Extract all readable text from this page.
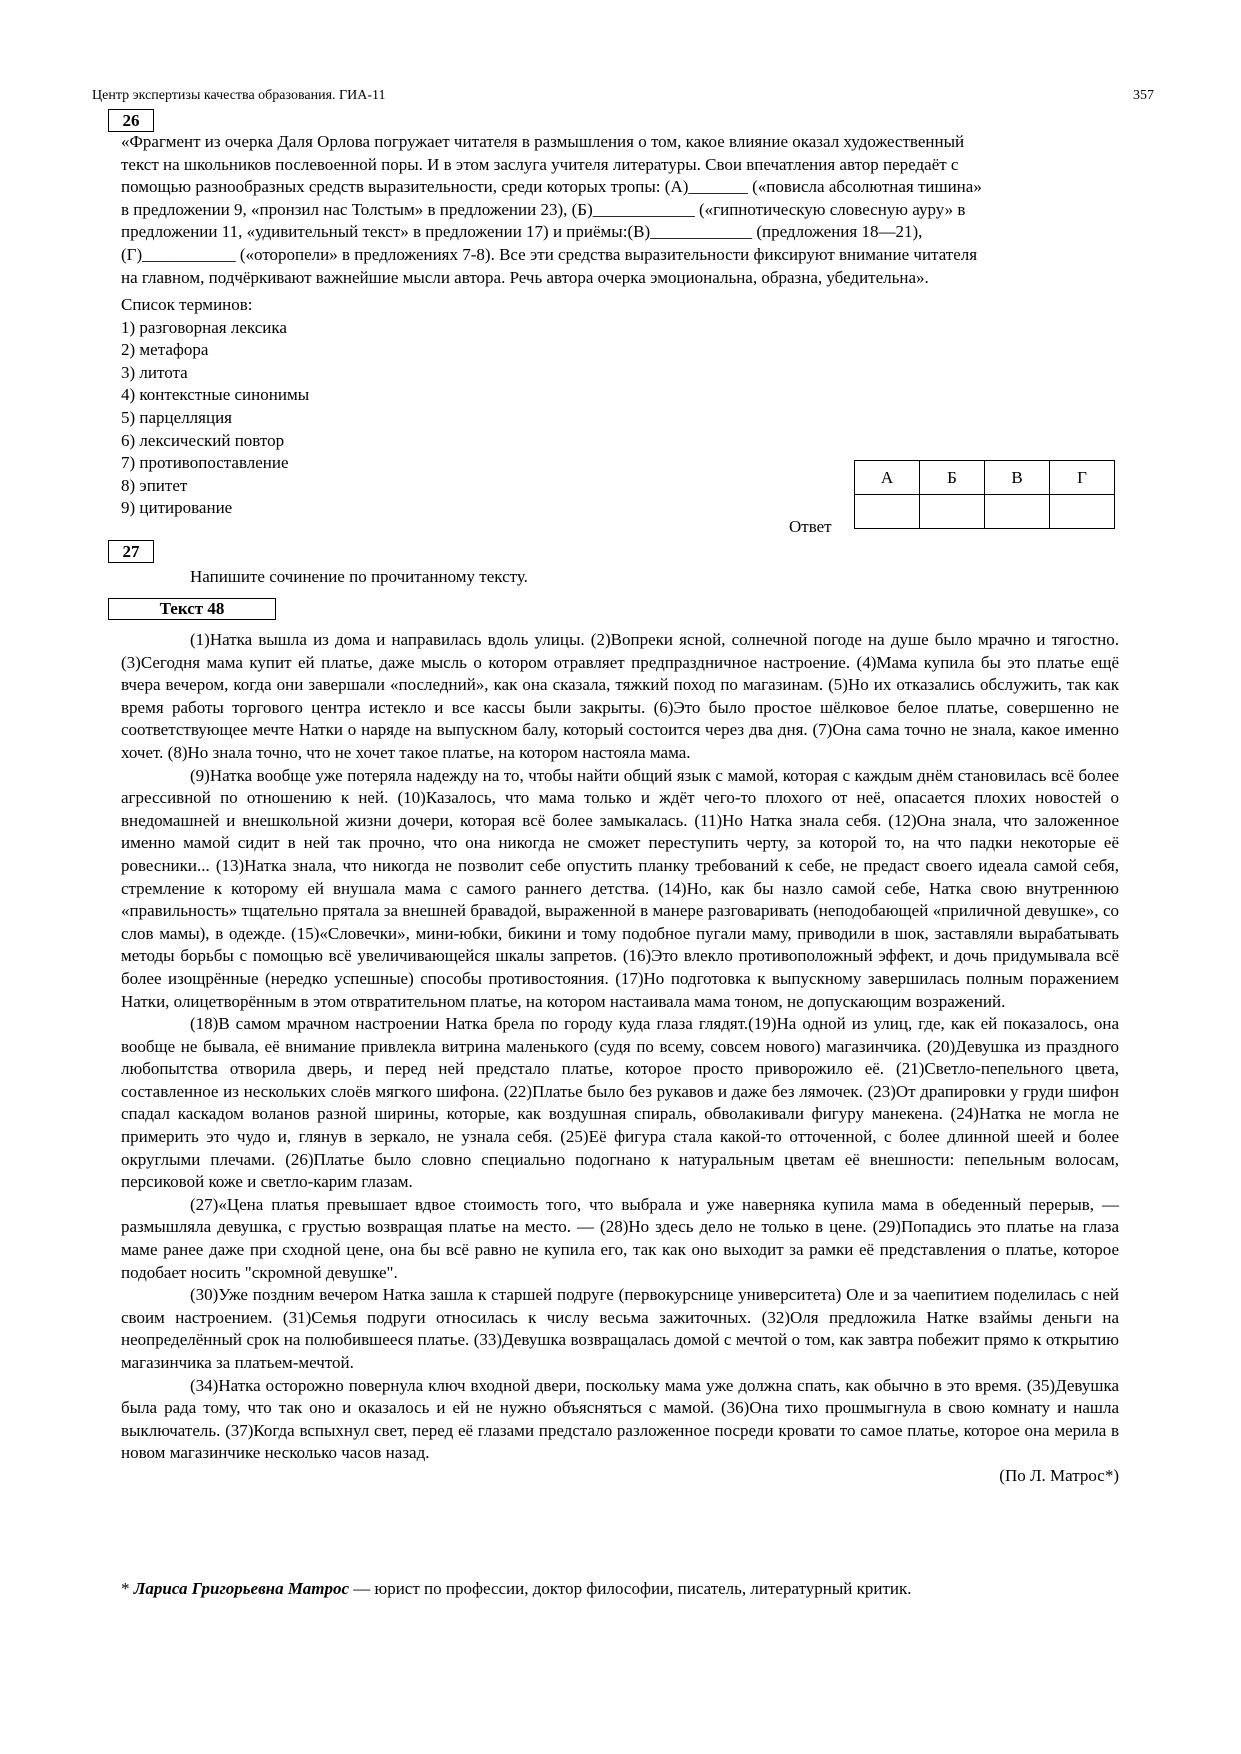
Центр экспертизы качества образования. ГИА-11	357
26
«Фрагмент из очерка Даля Орлова погружает читателя в размышления о том, какое влияние оказал художественный
текст на школьников послевоенной поры. И в этом заслуга учителя литературы. Свои впечатления автор передаёт с
помощью разнообразных средств выразительности, среди которых тропы: (А)_______ («повисла абсолютная тишина»
в предложении 9, «пронзил нас Толстым» в предложении 23), (Б)____________ («гипнотическую словесную ауру» в
предложении 11, «удивительный текст» в предложении 17) и приёмы:(В)____________ (предложения 18—21),
(Г)___________ («оторопели» в предложениях 7-8). Все эти средства выразительности фиксируют внимание читателя
на главном, подчёркивают важнейшие мысли автора. Речь автора очерка эмоциональна, образна, убедительна».
Список терминов:
1) разговорная лексика
2) метафора
3) литота
4) контекстные синонимы
5) парцелляция
6) лексический повтор
7) противопоставление
8) эпитет
9) цитирование
А	Б	В	Г

Ответ
27
Напишите сочинение по прочитанному тексту.
Текст 48

(1)Натка вышла из дома и направилась вдоль улицы. (2)Вопреки ясной, солнечной погоде на душе было мрачно и тягостно. (3)Сегодня мама купит ей платье, даже мысль о котором отравляет предпраздничное настроение. (4)Мама купила бы это платье ещё вчера вечером, когда они завершали «последний», как она сказала, тяжкий поход по магазинам. (5)Но их отказались обслужить, так как время работы торгового центра истекло и все кассы были закрыты. (6)Это было простое шёлковое белое платье, совершенно не соответствующее мечте Натки о наряде на выпускном балу, который состоится через два дня. (7)Она сама точно не знала, какое именно хочет. (8)Но знала точно, что не хочет такое платье, на котором настояла мама.

(9)Натка вообще уже потеряла надежду на то, чтобы найти общий язык с мамой, которая с каждым днём становилась всё более агрессивной по отношению к ней. (10)Казалось, что мама только и ждёт чего-то плохого от неё, опасается плохих новостей о внедомашней и внешкольной жизни дочери, которая всё более замыкалась. (11)Но Натка знала себя. (12)Она знала, что заложенное именно мамой сидит в ней так прочно, что она никогда не сможет переступить черту, за которой то, на что падки некоторые её ровесники... (13)Натка знала, что никогда не позволит себе опустить планку требований к себе, не предаст своего идеала самой себя, стремление к которому ей внушала мама с самого раннего детства. (14)Но, как бы назло самой себе, Натка свою внутреннюю «правильность» тщательно прятала за внешней бравадой, выраженной в манере разговаривать (неподобающей «приличной девушке», со слов мамы), в одежде. (15)«Словечки», мини-юбки, бикини и тому подобное пугали маму, приводили в шок, заставляли вырабатывать методы борьбы с помощью всё увеличивающейся шкалы запретов. (16)Это влекло противоположный эффект, и дочь придумывала всё более изощрённые (нередко успешные) способы противостояния. (17)Но подготовка к выпускному завершилась полным поражением Натки, олицетворённым в этом отвратительном платье, на котором настаивала мама тоном, не допускающим возражений.

(18)В самом мрачном настроении Натка брела по городу куда глаза глядят.(19)На одной из улиц, где, как ей показалось, она вообще не бывала, её внимание привлекла витрина маленького (судя по всему, совсем нового) магазинчика. (20)Девушка из праздного любопытства отворила дверь, и перед ней предстало платье, которое просто приворожило её. (21)Светло-пепельного цвета, составленное из нескольких слоёв мягкого шифона. (22)Платье было без рукавов и даже без лямочек. (23)От драпировки у груди шифон спадал каскадом воланов разной ширины, которые, как воздушная спираль, обволакивали фигуру манекена. (24)Натка не могла не примерить это чудо и, глянув в зеркало, не узнала себя. (25)Её фигура стала какой-то отточенной, с более длинной шеей и более округлыми плечами. (26)Платье было словно специально подогнано к натуральным цветам её внешности: пепельным волосам, персиковой коже и светло-карим глазам.

(27)«Цена платья превышает вдвое стоимость того, что выбрала и уже наверняка купила мама в обеденный перерыв, — размышляла девушка, с грустью возвращая платье на место. — (28)Но здесь дело не только в цене. (29)Попадись это платье на глаза маме ранее даже при сходной цене, она бы всё равно не купила его, так как оно выходит за рамки её представления о платье, которое подобает носить "скромной девушке".

(30)Уже поздним вечером Натка зашла к старшей подруге (первокурснице университета) Оле и за чаепитием поделилась с ней своим настроением. (31)Семья подруги относилась к числу весьма зажиточных. (32)Оля предложила Натке взаймы деньги на неопределённый срок на полюбившееся платье. (33)Девушка возвращалась домой с мечтой о том, как завтра побежит прямо к открытию магазинчика за платьем-мечтой.

(34)Натка осторожно повернула ключ входной двери, поскольку мама уже должна спать, как обычно в это время. (35)Девушка была рада тому, что так оно и оказалось и ей не нужно объясняться с мамой. (36)Она тихо прошмыгнула в свою комнату и нашла выключатель. (37)Когда вспыхнул свет, перед её глазами предстало разложенное посреди кровати то самое платье, которое она мерила в новом магазинчике несколько часов назад.

(По Л. Матрос*)

* Лариса Григорьевна Матрос — юрист по профессии, доктор философии, писатель, литературный критик.
